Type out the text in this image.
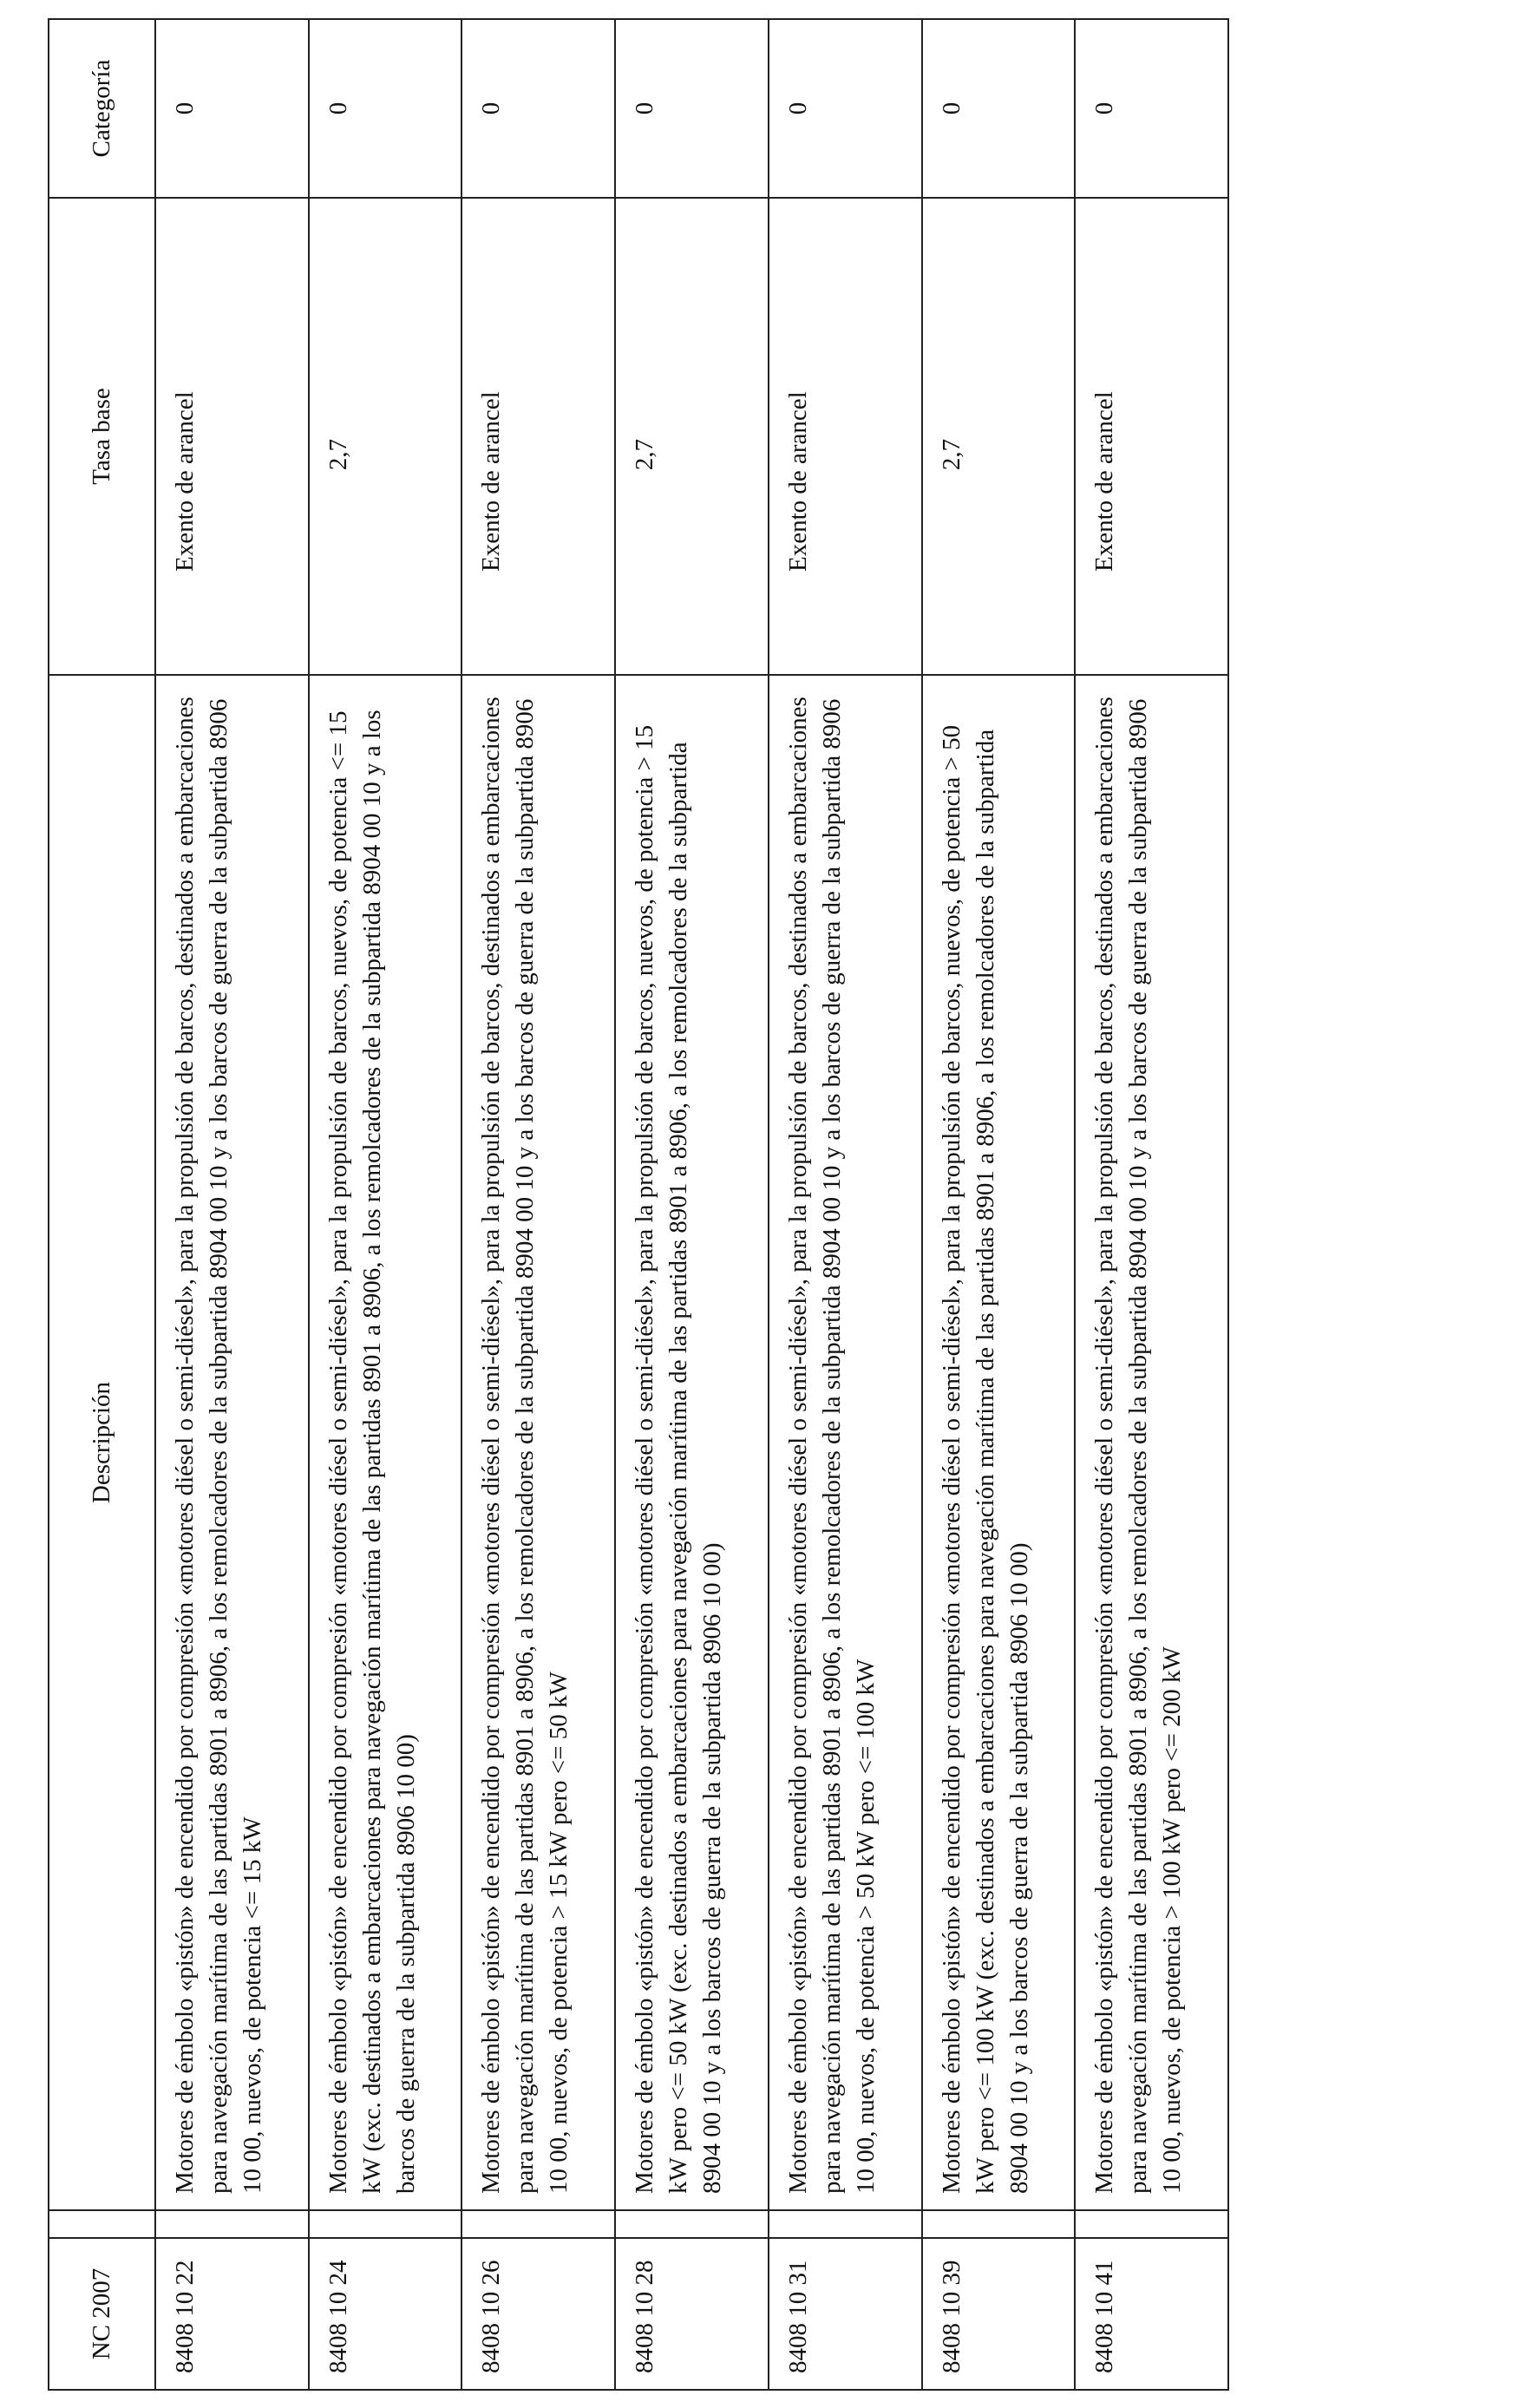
NC 2007		Descripción	Tasa base	Categoría
8408 10 22		Motores de émbolo «pistón» de encendido por compresión «motores diésel o semi-diésel», para la propulsión de barcos, destinados a embarcaciones para navegación marítima de las partidas 8901 a 8906, a los remolcadores de la subpartida 8904 00 10 y a los barcos de guerra de la subpartida 8906 10 00, nuevos, de potencia <= 15 kW	Exento de arancel	0
8408 10 24		Motores de émbolo «pistón» de encendido por compresión «motores diésel o semi-diésel», para la propulsión de barcos, nuevos, de potencia <= 15 kW (exc. destinados a embarcaciones para navegación marítima de las partidas 8901 a 8906, a los remolcadores de la subpartida 8904 00 10 y a los barcos de guerra de la subpartida 8906 10 00)	2,7	0
8408 10 26		Motores de émbolo «pistón» de encendido por compresión «motores diésel o semi-diésel», para la propulsión de barcos, destinados a embarcaciones para navegación marítima de las partidas 8901 a 8906, a los remolcadores de la subpartida 8904 00 10 y a los barcos de guerra de la subpartida 8906 10 00, nuevos, de potencia > 15 kW pero <= 50 kW	Exento de arancel	0
8408 10 28		Motores de émbolo «pistón» de encendido por compresión «motores diésel o semi-diésel», para la propulsión de barcos, nuevos, de potencia > 15 kW pero <= 50 kW (exc. destinados a embarcaciones para navegación marítima de las partidas 8901 a 8906, a los remolcadores de la subpartida 8904 00 10 y a los barcos de guerra de la subpartida 8906 10 00)	2,7	0
8408 10 31		Motores de émbolo «pistón» de encendido por compresión «motores diésel o semi-diésel», para la propulsión de barcos, destinados a embarcaciones para navegación marítima de las partidas 8901 a 8906, a los remolcadores de la subpartida 8904 00 10 y a los barcos de guerra de la subpartida 8906 10 00, nuevos, de potencia > 50 kW pero <= 100 kW	Exento de arancel	0
8408 10 39		Motores de émbolo «pistón» de encendido por compresión «motores diésel o semi-diésel», para la propulsión de barcos, nuevos, de potencia > 50 kW pero <= 100 kW (exc. destinados a embarcaciones para navegación marítima de las partidas 8901 a 8906, a los remolcadores de la subpartida 8904 00 10 y a los barcos de guerra de la subpartida 8906 10 00)	2,7	0
8408 10 41		Motores de émbolo «pistón» de encendido por compresión «motores diésel o semi-diésel», para la propulsión de barcos, destinados a embarcaciones para navegación marítima de las partidas 8901 a 8906, a los remolcadores de la subpartida 8904 00 10 y a los barcos de guerra de la subpartida 8906 10 00, nuevos, de potencia > 100 kW pero <= 200 kW	Exento de arancel	0
